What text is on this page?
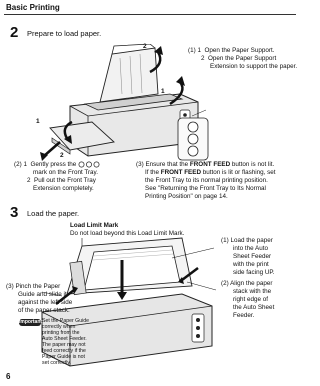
Basic Printing
2 Prepare to load paper.
(1) 1  Open the Paper Support.
2  Open the Paper Support
Extension to support the paper.
2
1
1
2
(2) 1  Gently press the
mark on the Front Tray.
2  Pull out the Front Tray
Extension completely.
(3) Ensure that the FRONT FEED button is not lit.
If the FRONT FEED button is lit or flashing, set
the Front Tray to its normal printing position.
See "Returning the Front Tray to Its Normal
Printing Position" on page 14.
3 Load the paper.
Load Limit Mark
Do not load beyond this Load Limit Mark.
(1) Load the paper
into the Auto
Sheet Feeder
with the print
side facing UP.
(2) Align the paper
stack with the
right edge of
the Auto Sheet
Feeder.
(3) Pinch the Paper
Guide and slide it
against the left side
of the paper stack.
Important Set the Paper Guide
correctly when
printing from the
Auto Sheet Feeder.
The paper may not
feed correctly if the
Paper Guide is not
set correctly.
6
